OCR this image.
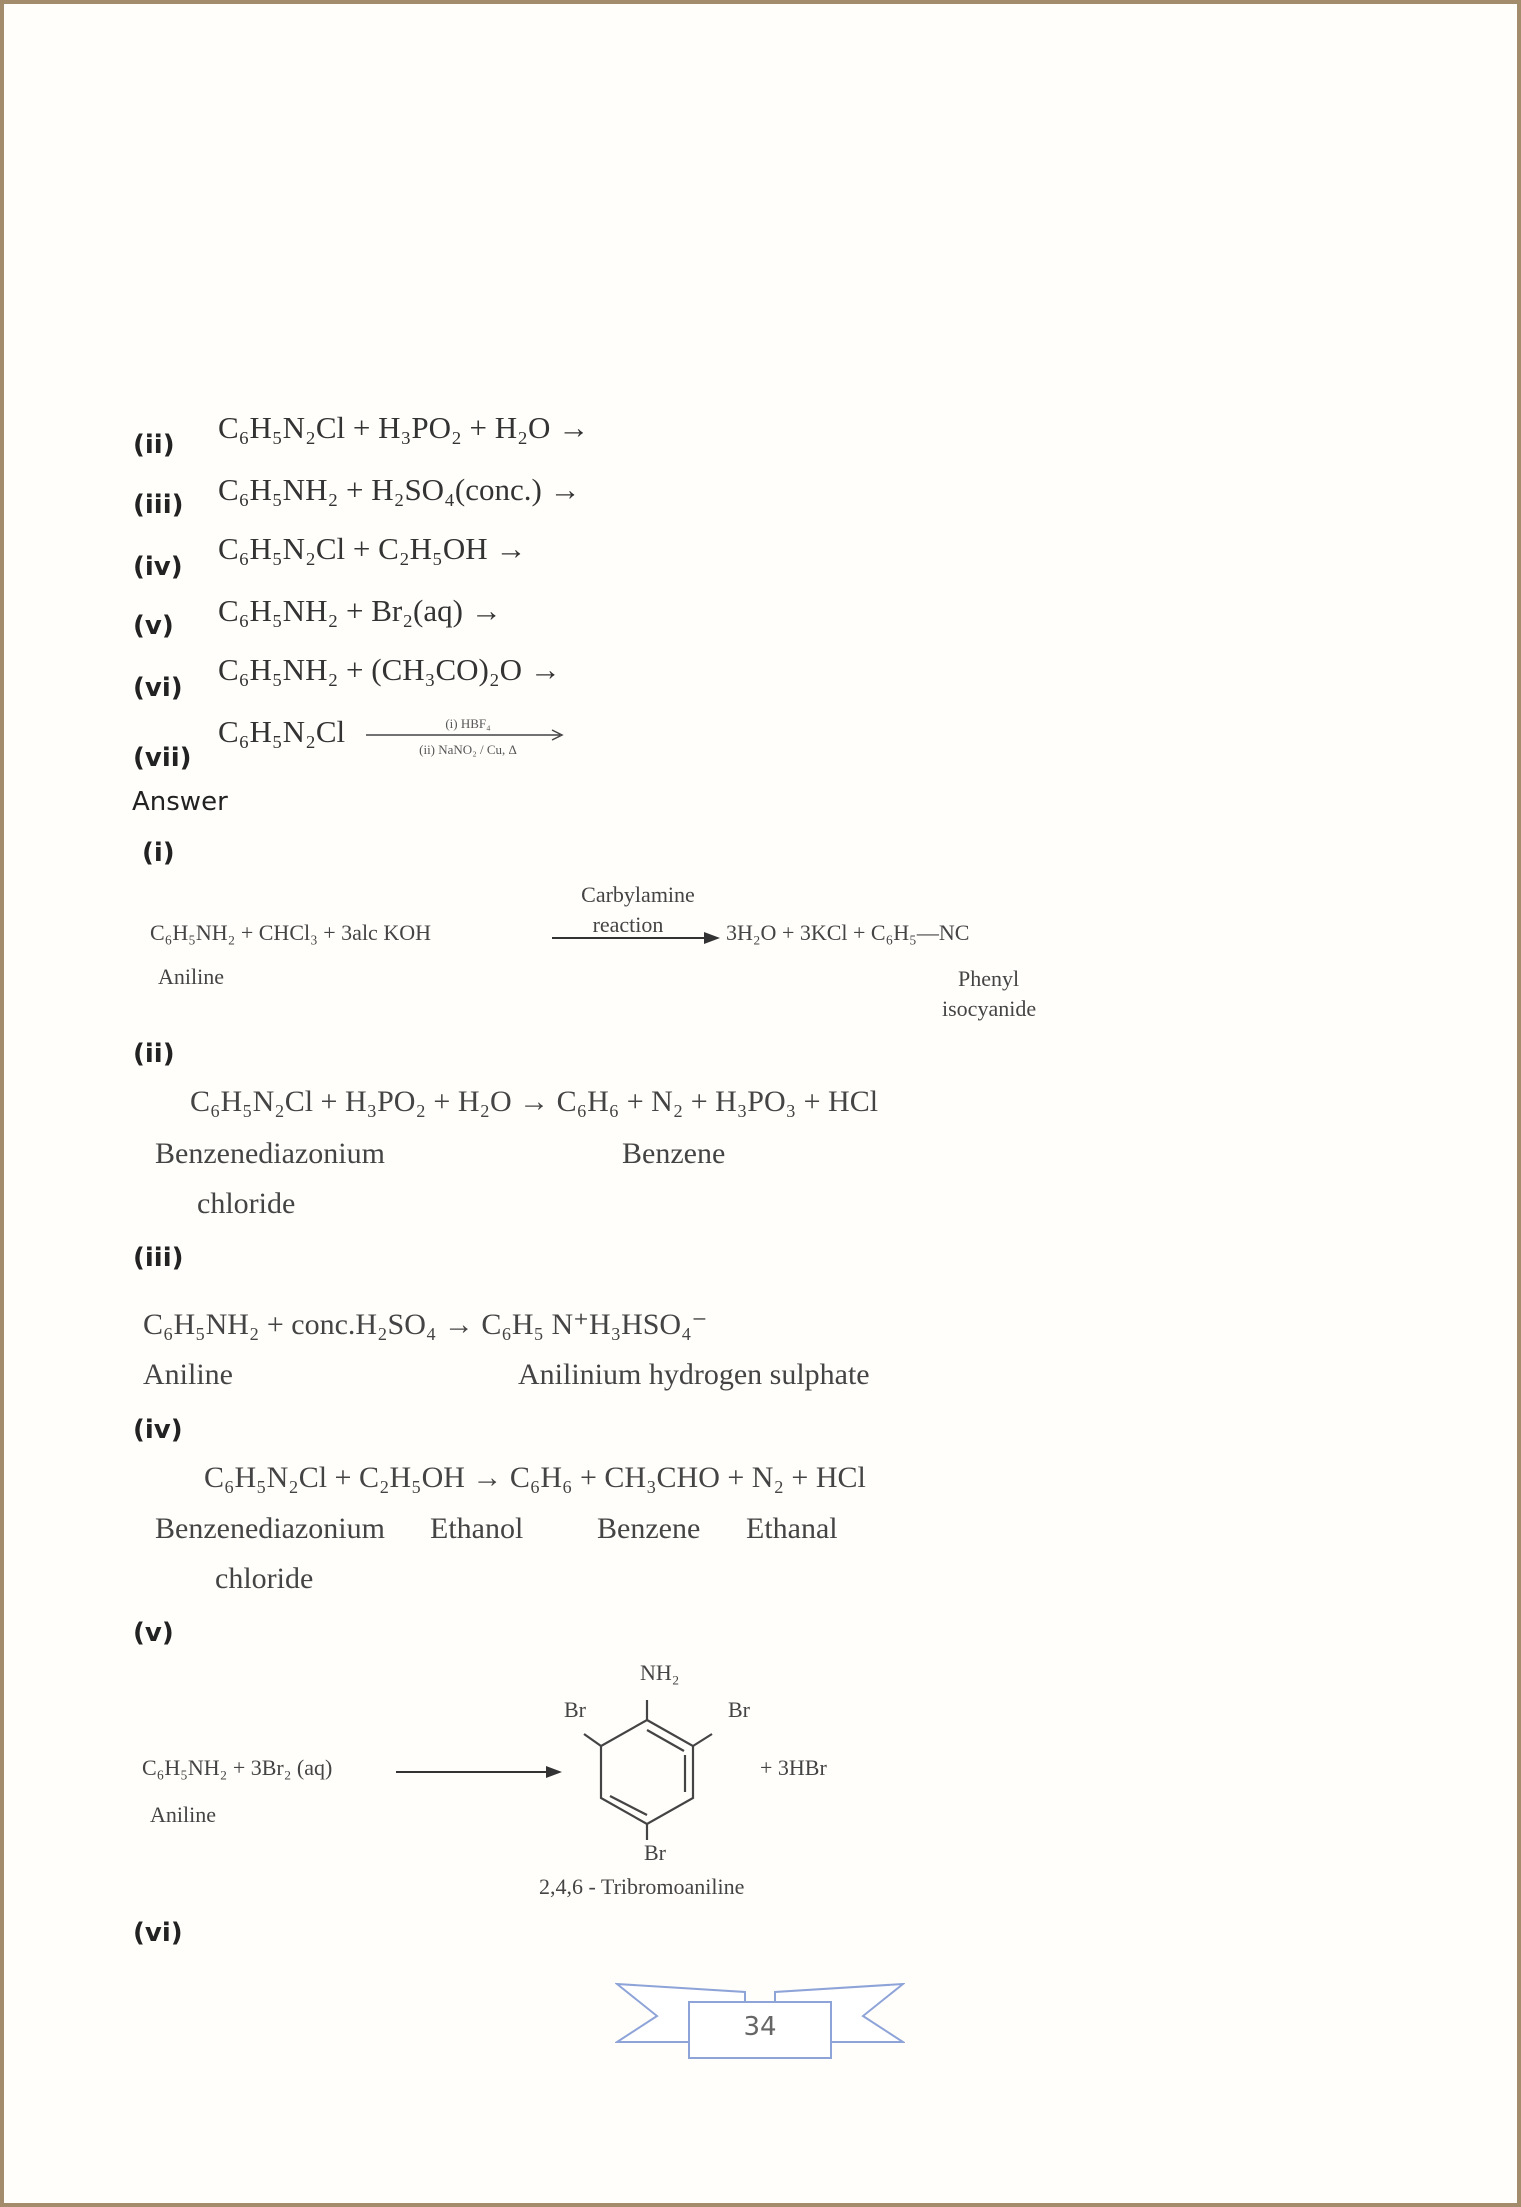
(ii) C₆H₅N₂Cl + H₃PO₂ + H₂O →
(iii) C₆H₅NH₂ + H₂SO₄(conc.) →
(iv)
C₆H₅N₂Cl + C₂H₅OH →
(v) C₆H₅NH₂ + Br₂(aq) →
(vi)
C₆H₅NH₂ + (CH₃CO)₂O →
(vii)
C₆H₅N₂Cl	(i) HBF₄
(ii) NaNO₂ / Cu, Δ
Answer
(i)
Carbylamine
reaction
C₆H₅NH₂ + CHCl₃ + 3alc KOH	3H₂O + 3KCl + C₆H₅—NC
Aniline	Phenyl
isocyanide
(ii)
C₆H₅N₂Cl + H₃PO₂ + H₂O → C₆H₆ + N₂ + H₃PO₃ + HCl
Benzenediazonium
chloride
Benzene
(iii)
C₆H₅NH₂ + conc.H₂SO₄ → C₆H₅ N⁺H₃HSO₄⁻
Aniline	Anilinium hydrogen sulphate
(iv)
C₆H₅N₂Cl + C₂H₅OH → C₆H₆ + CH₃CHO + N₂ + HCl
Benzenediazonium
chloride
Ethanol Benzene Ethanal
(v)
C₆H₅NH₂ + 3Br₂ (aq)
Aniline
NH₂
Br	Br
Br
+ 3HBr
2,4,6 - Tribromoaniline
(vi)
34
